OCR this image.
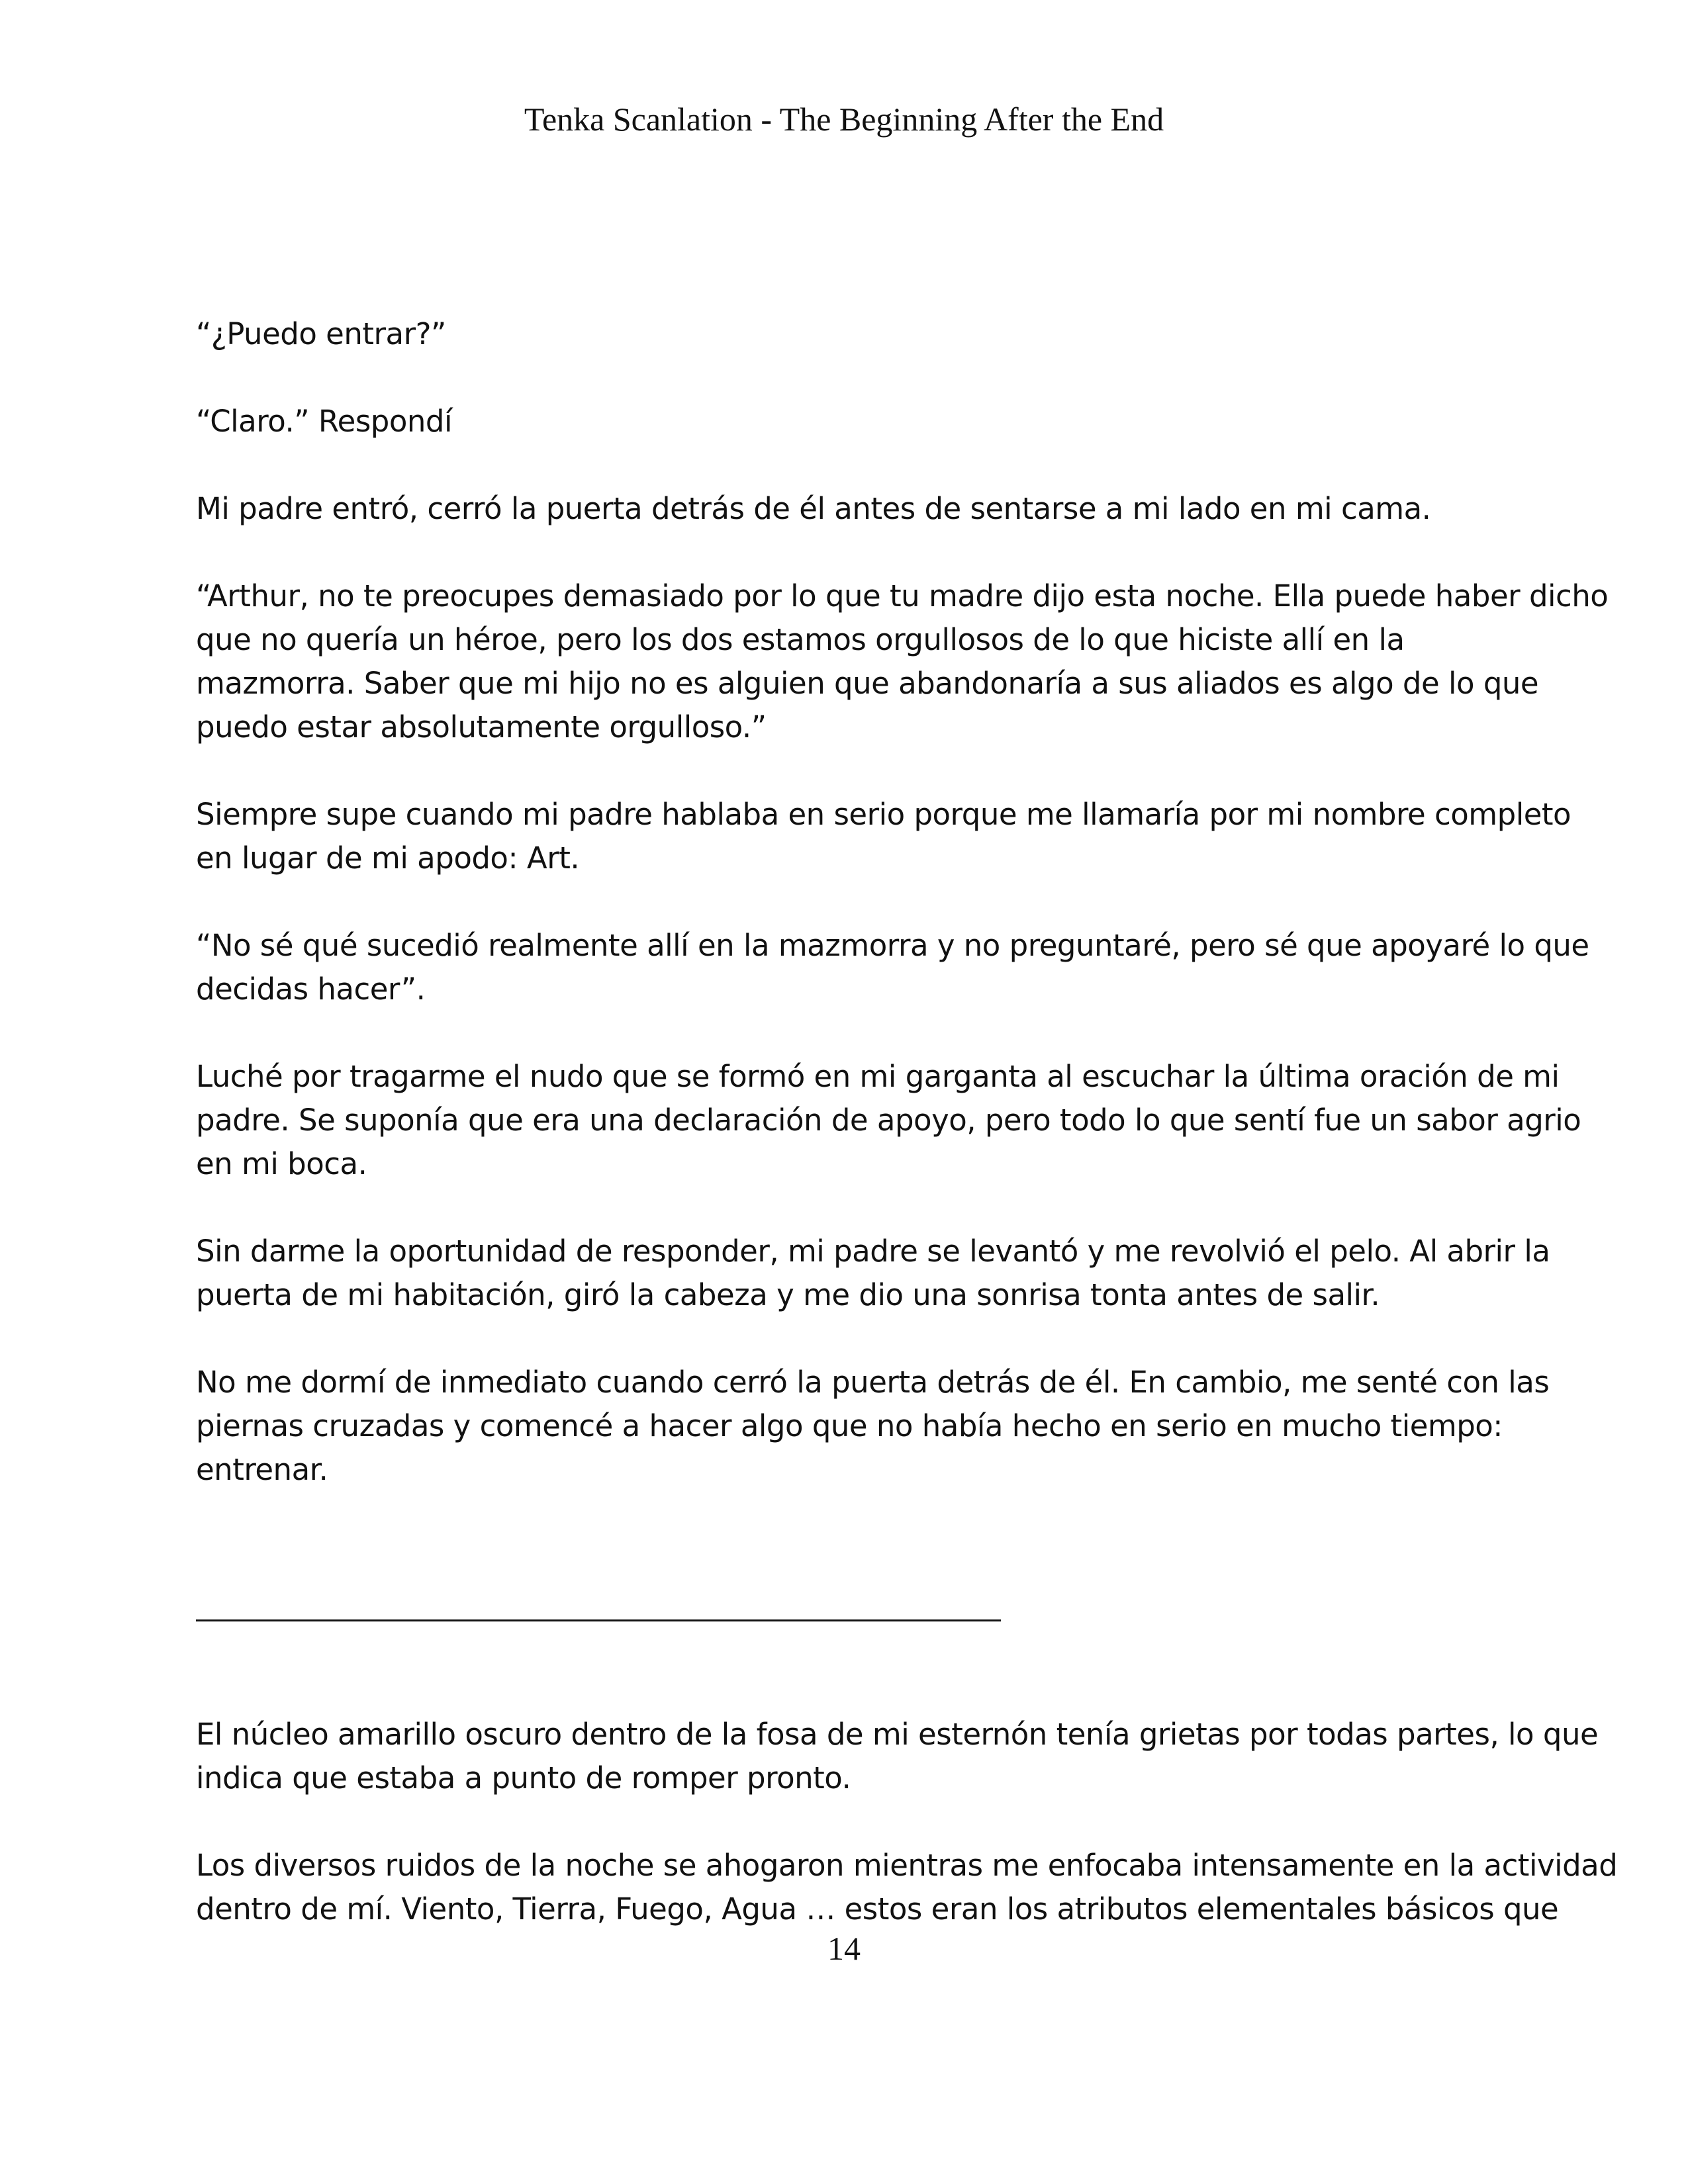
Tenka Scanlation - The Beginning After the End

“¿Puedo entrar?”

“Claro.” Respondí

Mi padre entró, cerró la puerta detrás de él antes de sentarse a mi lado en mi cama.

“Arthur, no te preocupes demasiado por lo que tu madre dijo esta noche. Ella puede haber dicho
que no quería un héroe, pero los dos estamos orgullosos de lo que hiciste allí en la
mazmorra. Saber que mi hijo no es alguien que abandonaría a sus aliados es algo de lo que
puedo estar absolutamente orgulloso.”

Siempre supe cuando mi padre hablaba en serio porque me llamaría por mi nombre completo
en lugar de mi apodo: Art.

“No sé qué sucedió realmente allí en la mazmorra y no preguntaré, pero sé que apoyaré lo que
decidas hacer”.

Luché por tragarme el nudo que se formó en mi garganta al escuchar la última oración de mi
padre. Se suponía que era una declaración de apoyo, pero todo lo que sentí fue un sabor agrio
en mi boca.

Sin darme la oportunidad de responder, mi padre se levantó y me revolvió el pelo. Al abrir la
puerta de mi habitación, giró la cabeza y me dio una sonrisa tonta antes de salir.

No me dormí de inmediato cuando cerró la puerta detrás de él. En cambio, me senté con las
piernas cruzadas y comencé a hacer algo que no había hecho en serio en mucho tiempo:
entrenar.

El núcleo amarillo oscuro dentro de la fosa de mi esternón tenía grietas por todas partes, lo que
indica que estaba a punto de romper pronto.

Los diversos ruidos de la noche se ahogaron mientras me enfocaba intensamente en la actividad
dentro de mí. Viento, Tierra, Fuego, Agua … estos eran los atributos elementales básicos que

14
